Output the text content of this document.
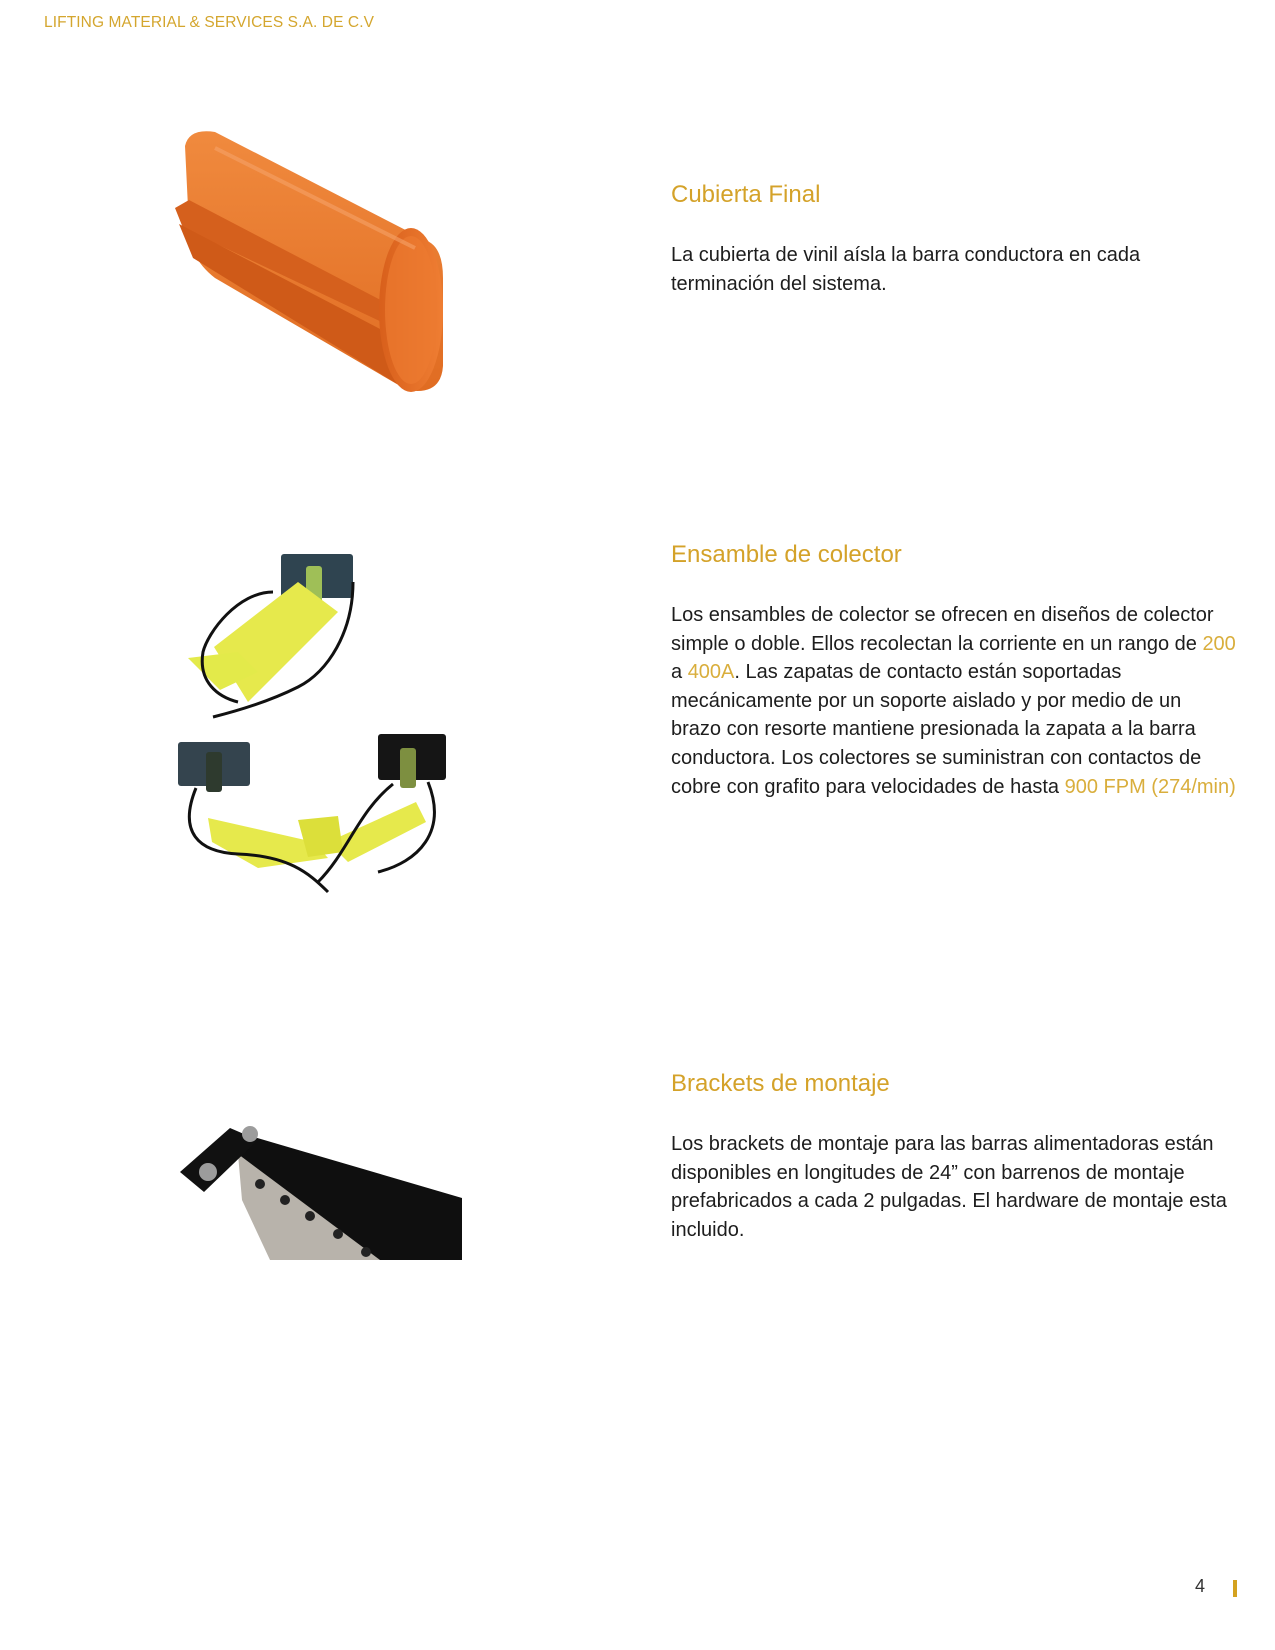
LIFTING MATERIAL & SERVICES S.A. DE C.V
Cubierta Final
La cubierta de vinil aísla la barra conductora en cada terminación del sistema.
Ensamble de colector
Los ensambles de colector se ofrecen en diseños de colector simple o doble. Ellos recolectan la corriente en un rango de 200 a 400A. Las zapatas de contacto están soportadas mecánicamente por un soporte aislado y por medio de un brazo con resorte mantiene presionada la zapata a la barra conductora. Los colectores se suministran con contactos de cobre con grafito para velocidades de hasta 900 FPM (274/min)
Brackets de montaje
Los brackets de montaje para las barras alimentadoras están disponibles en longitudes de 24” con barrenos de montaje prefabricados a cada 2 pulgadas. El hardware de montaje esta incluido.
4
